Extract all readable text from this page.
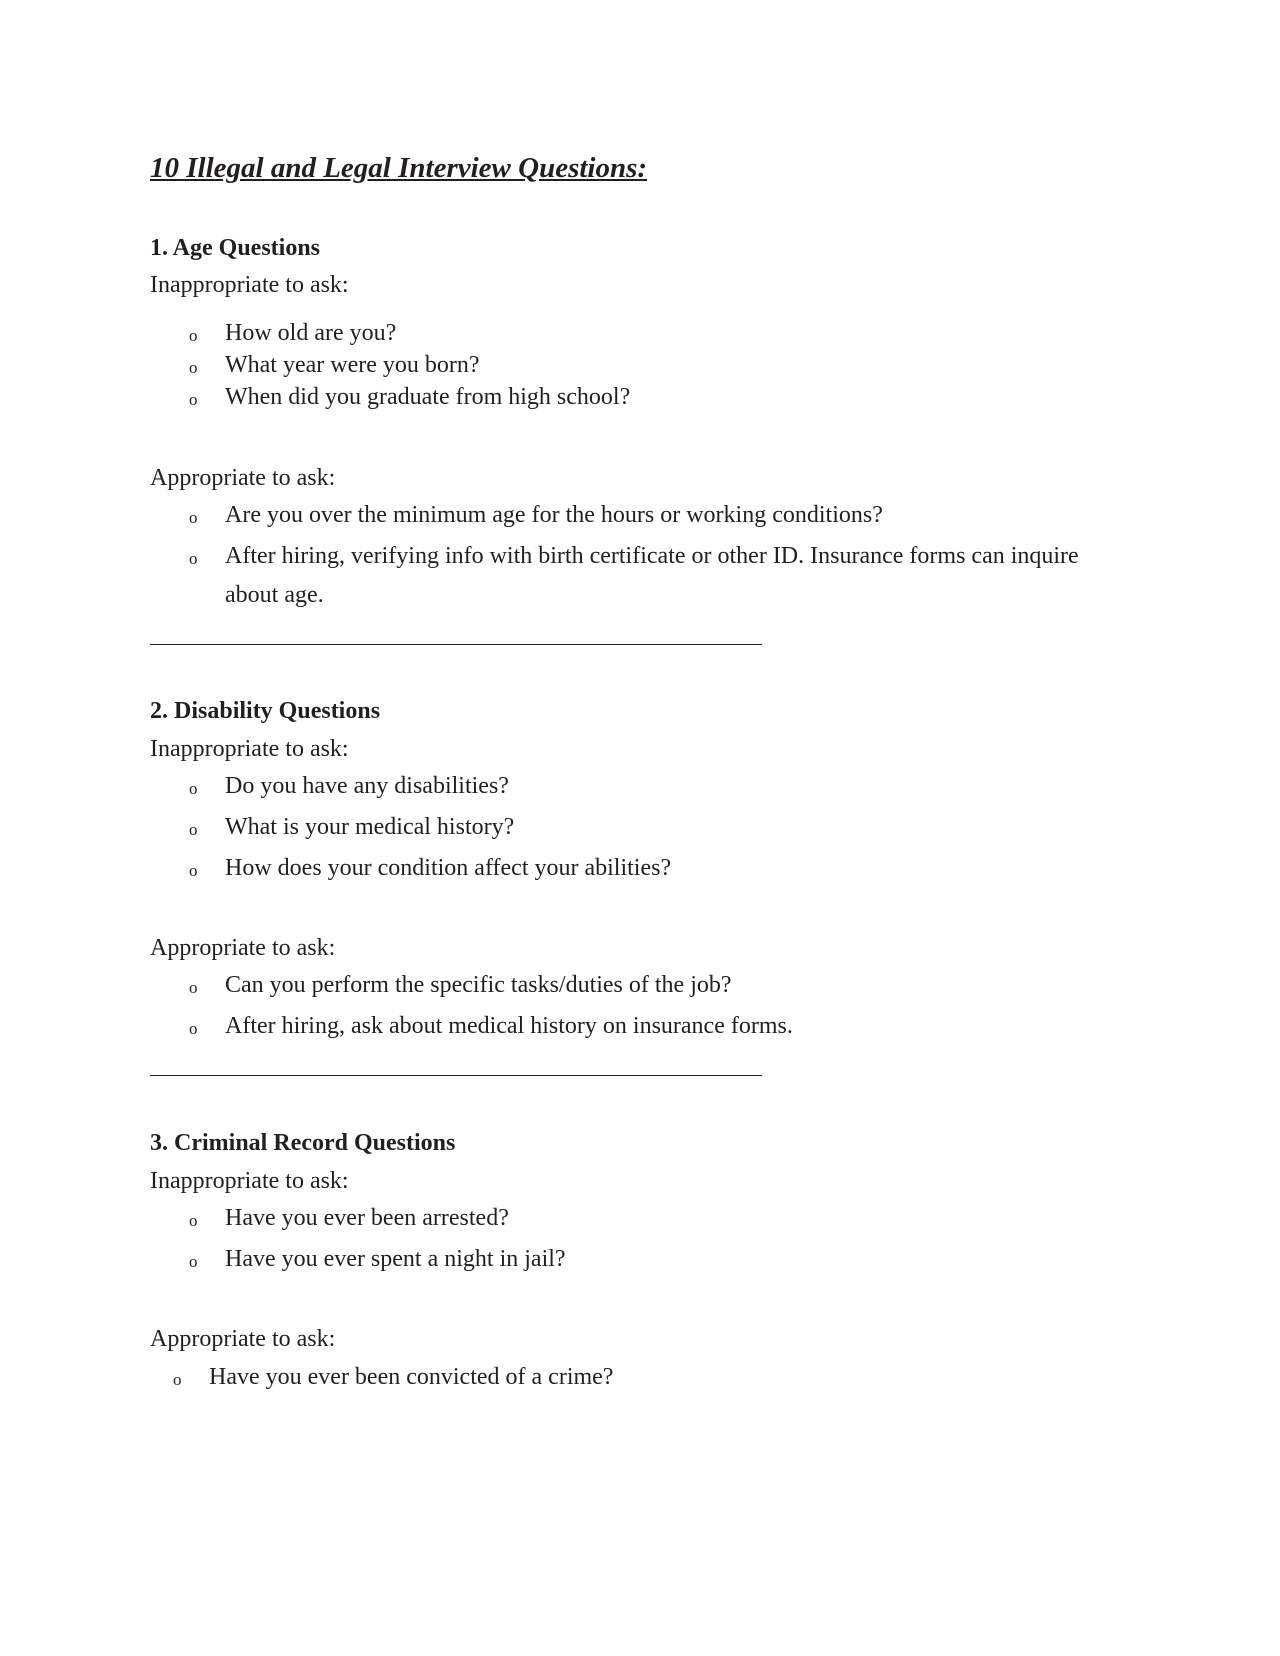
10 Illegal and Legal Interview Questions:
1. Age Questions

Inappropriate to ask:

o How old are you?

o What year were you born?

o When did you graduate from high school?

Appropriate to ask:

o Are you over the minimum age for the hours or working conditions?

o After hiring, verifying info with birth certificate or other ID. Insurance forms can inquire about age.

2. Disability Questions

Inappropriate to ask:

o Do you have any disabilities?

o What is your medical history?

o How does your condition affect your abilities?

Appropriate to ask:

o Can you perform the specific tasks/duties of the job?

o After hiring, ask about medical history on insurance forms.

3. Criminal Record Questions

Inappropriate to ask:

o Have you ever been arrested?

o Have you ever spent a night in jail?

Appropriate to ask:

o Have you ever been convicted of a crime?
